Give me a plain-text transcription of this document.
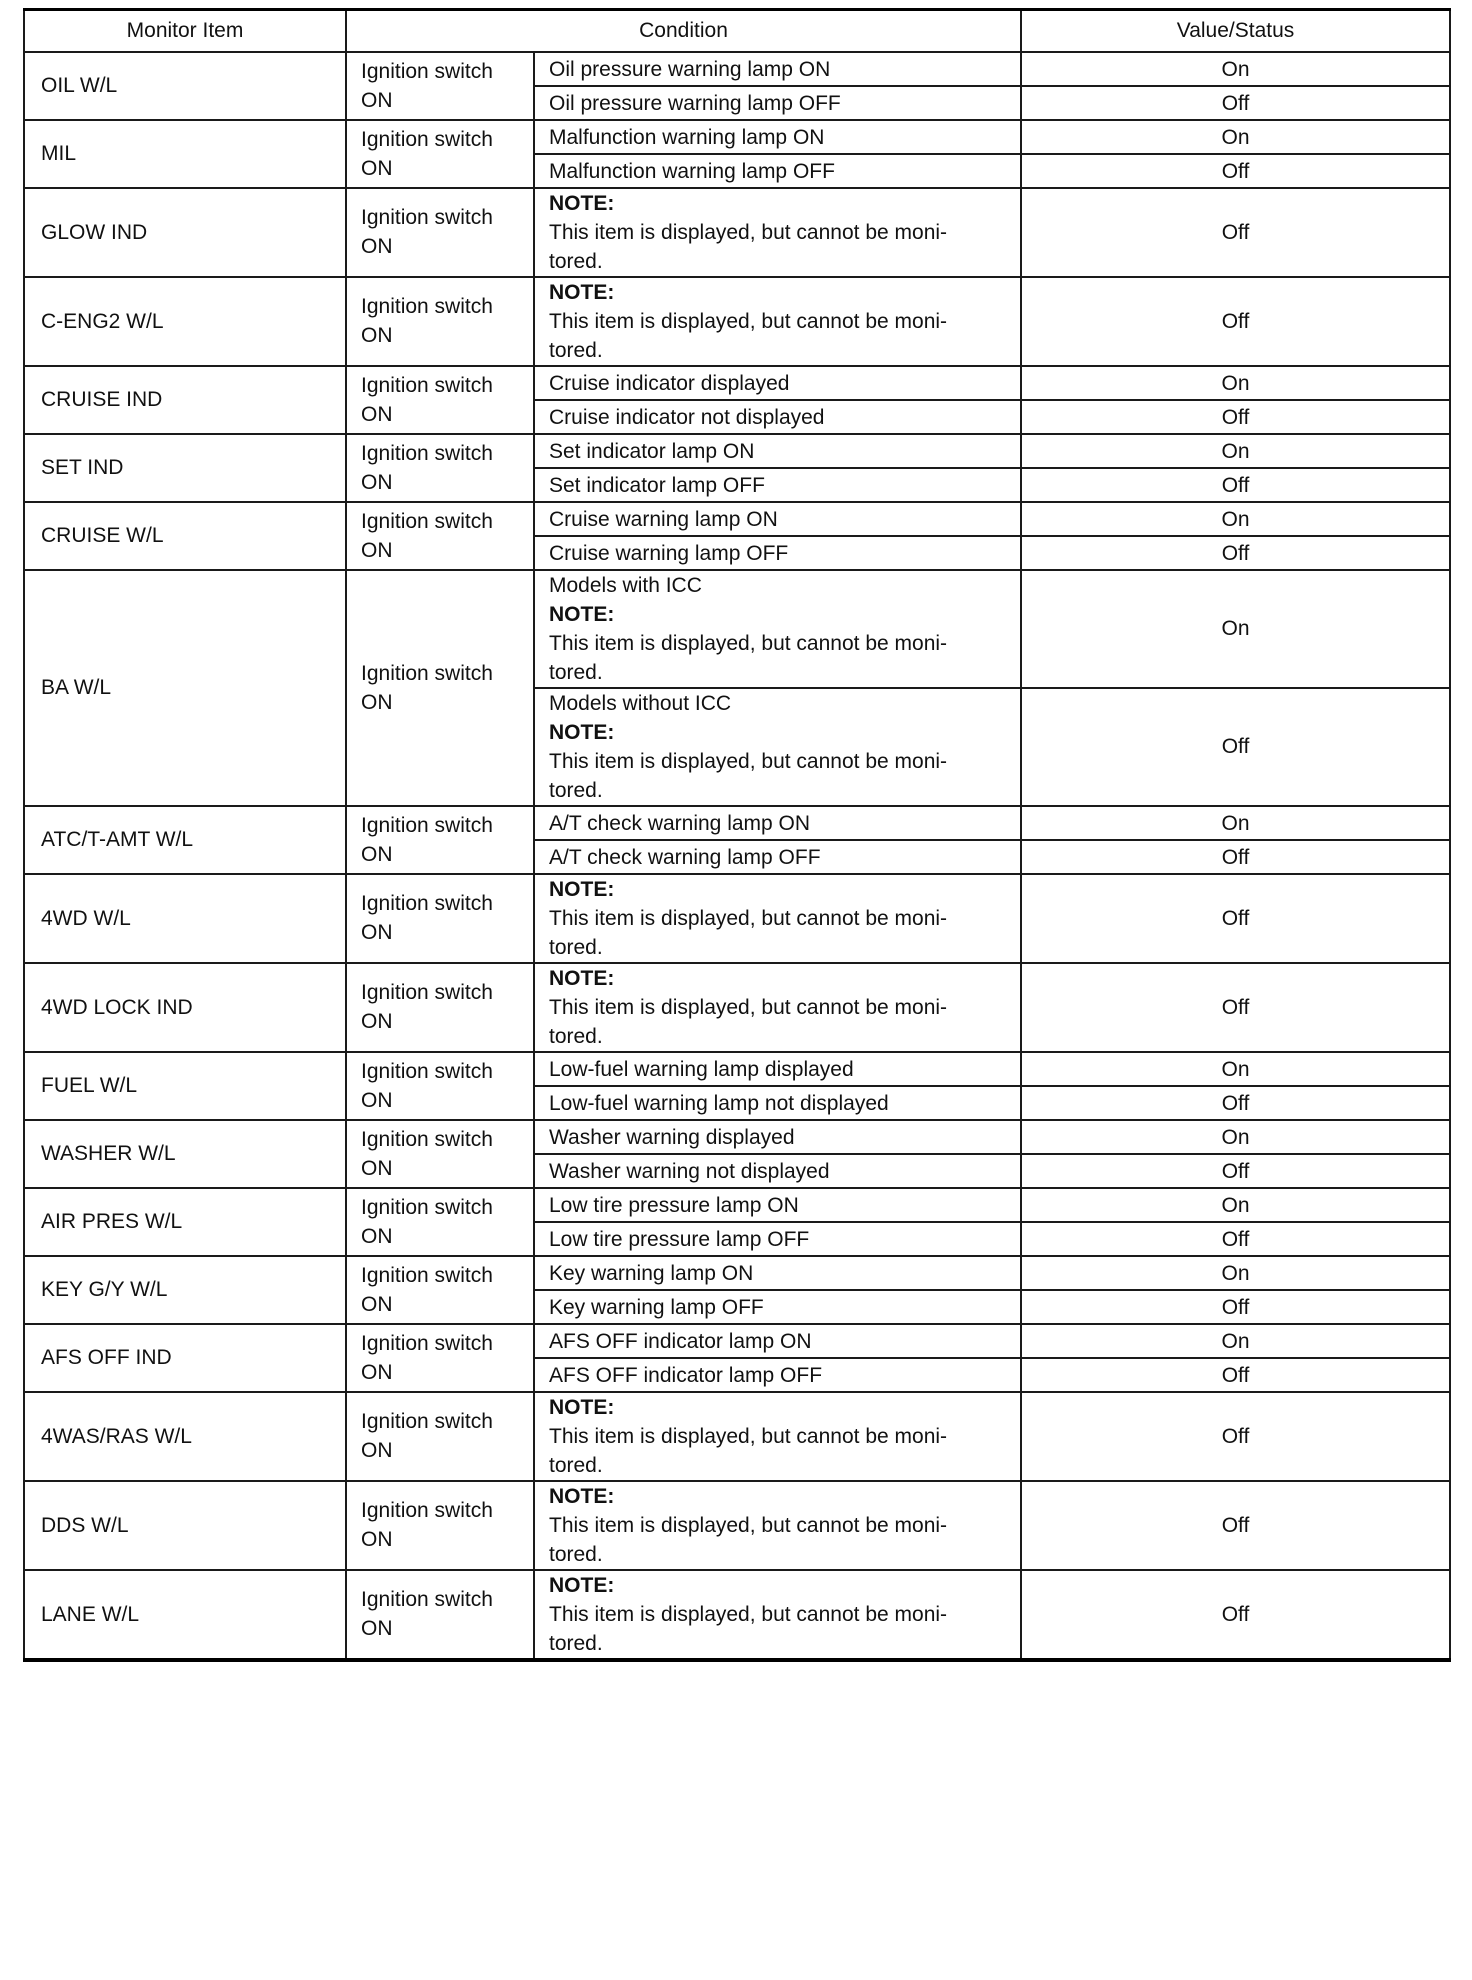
Monitor Item	Condition		Value/Status
OIL W/L	Ignition switch
ON	Oil pressure warning lamp ON	On

		Oil pressure warning lamp OFF	Off
MIL	Ignition switch
ON	Malfunction warning lamp ON	On

		Malfunction warning lamp OFF	Off
GLOW IND	Ignition switch
ON	NOTE:
This item is displayed, but cannot be moni-
tored.	Off
C-ENG2 W/L	Ignition switch
ON	NOTE:
This item is displayed, but cannot be moni-
tored.	Off
CRUISE IND	Ignition switch
ON	Cruise indicator displayed	On

		Cruise indicator not displayed	Off
SET IND	Ignition switch
ON	Set indicator lamp ON	On

		Set indicator lamp OFF	Off
CRUISE W/L	Ignition switch
ON	Cruise warning lamp ON	On

		Cruise warning lamp OFF	Off
BA W/L	Ignition switch
ON	Models with ICC
NOTE:
This item is displayed, but cannot be moni-
tored.	On

		Models without ICC
NOTE:
This item is displayed, but cannot be moni-
tored.	Off
ATC/T-AMT W/L	Ignition switch
ON	A/T check warning lamp ON	On

		A/T check warning lamp OFF	Off
4WD W/L	Ignition switch
ON	NOTE:
This item is displayed, but cannot be moni-
tored.	Off
4WD LOCK IND	Ignition switch
ON	NOTE:
This item is displayed, but cannot be moni-
tored.	Off
FUEL W/L	Ignition switch
ON	Low-fuel warning lamp displayed	On

		Low-fuel warning lamp not displayed	Off
WASHER W/L	Ignition switch
ON	Washer warning displayed	On

		Washer warning not displayed	Off
AIR PRES W/L	Ignition switch
ON	Low tire pressure lamp ON	On

		Low tire pressure lamp OFF	Off
KEY G/Y W/L	Ignition switch
ON	Key warning lamp ON	On

		Key warning lamp OFF	Off
AFS OFF IND	Ignition switch
ON	AFS OFF indicator lamp ON	On

		AFS OFF indicator lamp OFF	Off
4WAS/RAS W/L	Ignition switch
ON	NOTE:
This item is displayed, but cannot be moni-
tored.	Off
DDS W/L	Ignition switch
ON	NOTE:
This item is displayed, but cannot be moni-
tored.	Off
LANE W/L	Ignition switch
ON	NOTE:
This item is displayed, but cannot be moni-
tored.	Off
